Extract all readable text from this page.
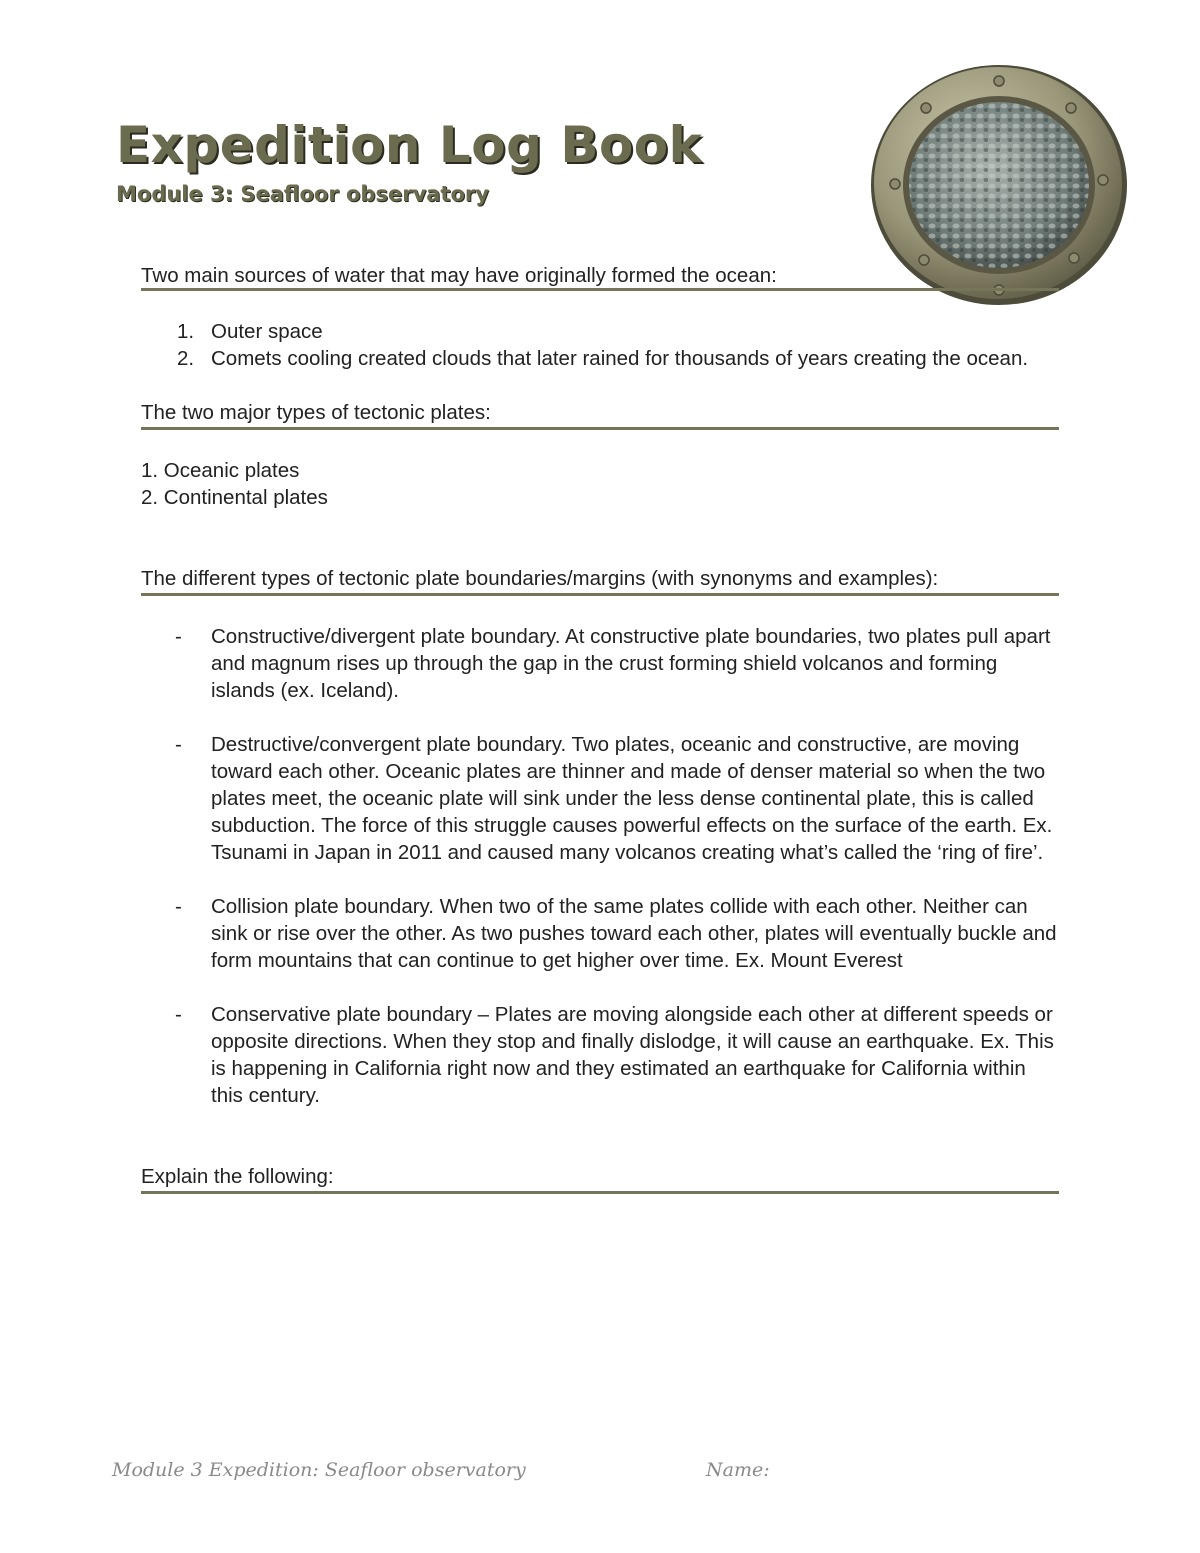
Expedition Log Book
Module 3: Seafloor observatory
Two main sources of water that may have originally formed the ocean:
1. Outer space
2. Comets cooling created clouds that later rained for thousands of years creating the ocean.
The two major types of tectonic plates:

1. Oceanic plates

2. Continental plates

The different types of tectonic plate boundaries/margins (with synonyms and examples):
- Constructive/divergent plate boundary. At constructive plate boundaries, two plates pull apart and magnum rises up through the gap in the crust forming shield volcanos and forming islands (ex. Iceland).
- Destructive/convergent plate boundary. Two plates, oceanic and constructive, are moving toward each other. Oceanic plates are thinner and made of denser material so when the two plates meet, the oceanic plate will sink under the less dense continental plate, this is called subduction. The force of this struggle causes powerful effects on the surface of the earth. Ex. Tsunami in Japan in 2011 and caused many volcanos creating what’s called the ‘ring of fire’.
- Collision plate boundary. When two of the same plates collide with each other. Neither can sink or rise over the other. As two pushes toward each other, plates will eventually buckle and form mountains that can continue to get higher over time. Ex. Mount Everest
- Conservative plate boundary – Plates are moving alongside each other at different speeds or opposite directions. When they stop and finally dislodge, it will cause an earthquake. Ex. This is happening in California right now and they estimated an earthquake for California within this century.
Explain the following:
Module 3 Expedition: Seafloor observatory	Name:
